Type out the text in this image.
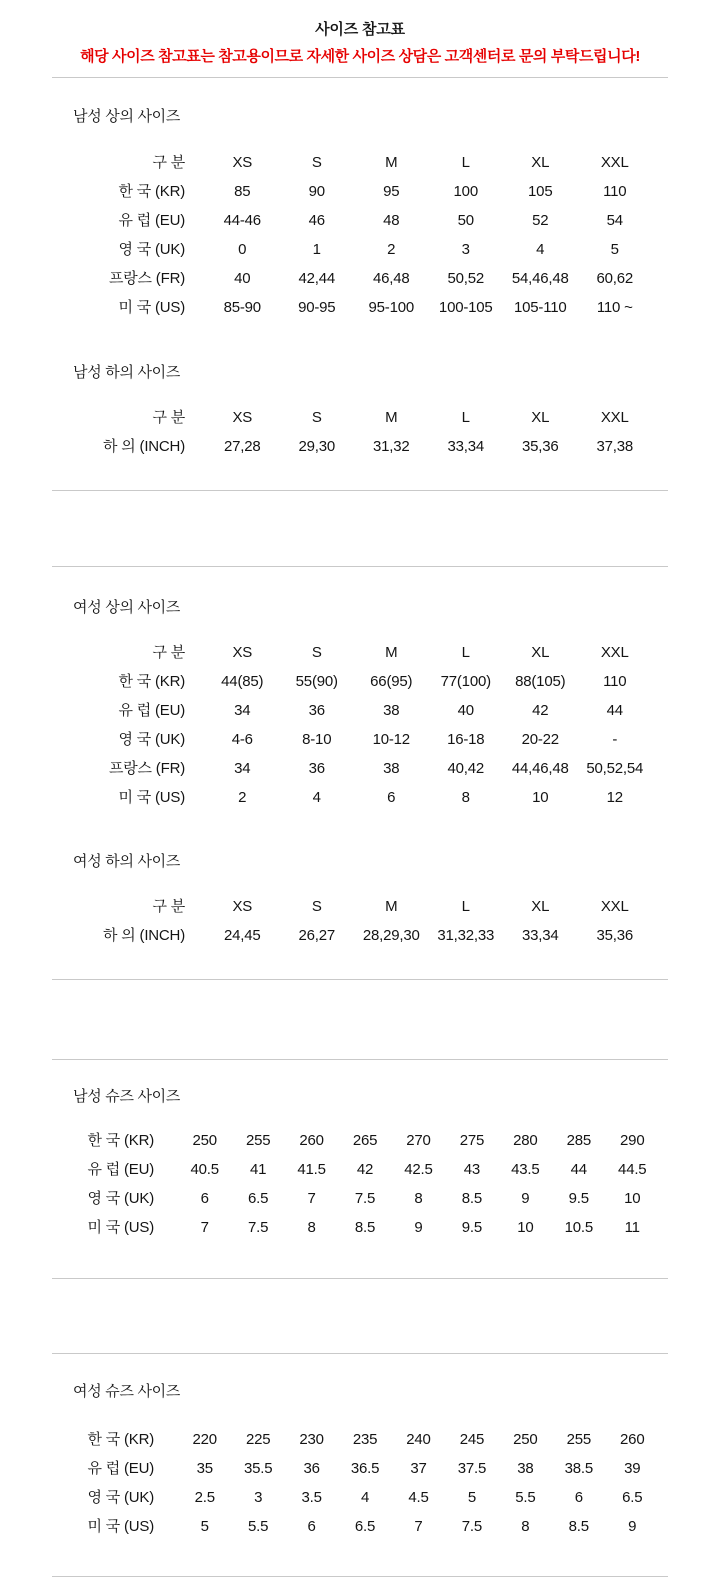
사이즈 참고표
해당 사이즈 참고표는 참고용이므로 자세한 사이즈 상담은 고객센터로 문의 부탁드립니다!
남성 상의 사이즈
구 분	XS	S	M	L	XL	XXL
한 국 (KR)	85	90	95	100	105	110
유 럽 (EU)	44-46	46	48	50	52	54
영 국 (UK)	0	1	2	3	4	5
프랑스 (FR)	40	42,44	46,48	50,52	54,46,48	60,62
미 국 (US)	85-90	90-95	95-100	100-105	105-110	110 ~
남성 하의 사이즈
구 분	XS	S	M	L	XL	XXL
하 의 (INCH)	27,28	29,30	31,32	33,34	35,36	37,38
여성 상의 사이즈
구 분	XS	S	M	L	XL	XXL
한 국 (KR)	44(85)	55(90)	66(95)	77(100)	88(105)	110
유 럽 (EU)	34	36	38	40	42	44
영 국 (UK)	4-6	8-10	10-12	16-18	20-22	-
프랑스 (FR)	34	36	38	40,42	44,46,48	50,52,54
미 국 (US)	2	4	6	8	10	12
여성 하의 사이즈
구 분	XS	S	M	L	XL	XXL
하 의 (INCH)	24,45	26,27	28,29,30	31,32,33	33,34	35,36
남성 슈즈 사이즈
한 국 (KR)	250	255	260	265	270	275	280	285	290
유 럽 (EU)	40.5	41	41.5	42	42.5	43	43.5	44	44.5
영 국 (UK)	6	6.5	7	7.5	8	8.5	9	9.5	10
미 국 (US)	7	7.5	8	8.5	9	9.5	10	10.5	11
여성 슈즈 사이즈
한 국 (KR)	220	225	230	235	240	245	250	255	260
유 럽 (EU)	35	35.5	36	36.5	37	37.5	38	38.5	39
영 국 (UK)	2.5	3	3.5	4	4.5	5	5.5	6	6.5
미 국 (US)	5	5.5	6	6.5	7	7.5	8	8.5	9
